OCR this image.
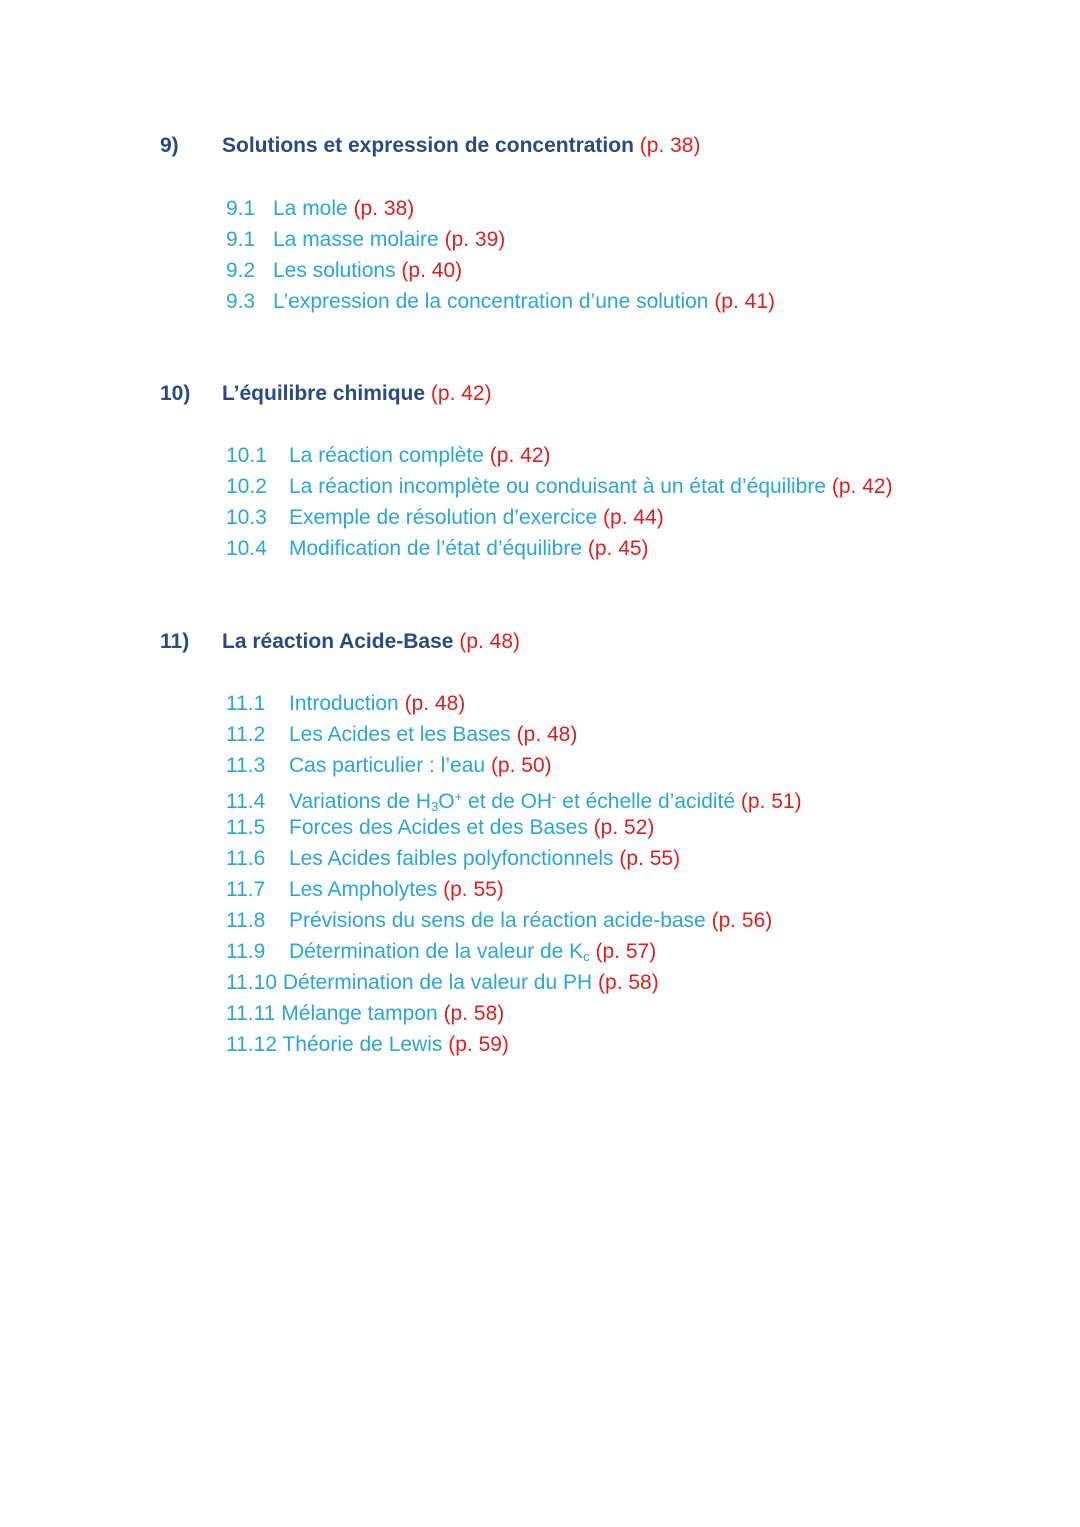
9) Solutions et expression de concentration (p. 38)
9.1 La mole (p. 38)
9.1 La masse molaire (p. 39)
9.2 Les solutions (p. 40)
9.3 L’expression de la concentration d’une solution (p. 41)
10) L’équilibre chimique (p. 42)
10.1 La réaction complète (p. 42)
10.2 La réaction incomplète ou conduisant à un état d’équilibre (p. 42)
10.3 Exemple de résolution d’exercice (p. 44)
10.4 Modification de l’état d’équilibre (p. 45)
11) La réaction Acide-Base (p. 48)
11.1 Introduction (p. 48)
11.2 Les Acides et les Bases (p. 48)
11.3 Cas particulier : l’eau (p. 50)
11.4 Variations de $H_3O^+$ et de OH- et échelle d’acidité (p. 51)
11.5 Forces des Acides et des Bases (p. 52)
11.6 Les Acides faibles polyfonctionnels (p. 55)
11.7 Les Ampholytes (p. 55)
11.8 Prévisions du sens de la réaction acide-base (p. 56)
11.9 Détermination de la valeur de $K_c$ (p. 57)
11.10 Détermination de la valeur du PH (p. 58)
11.11 Mélange tampon (p. 58)
11.12 Théorie de Lewis (p. 59)
